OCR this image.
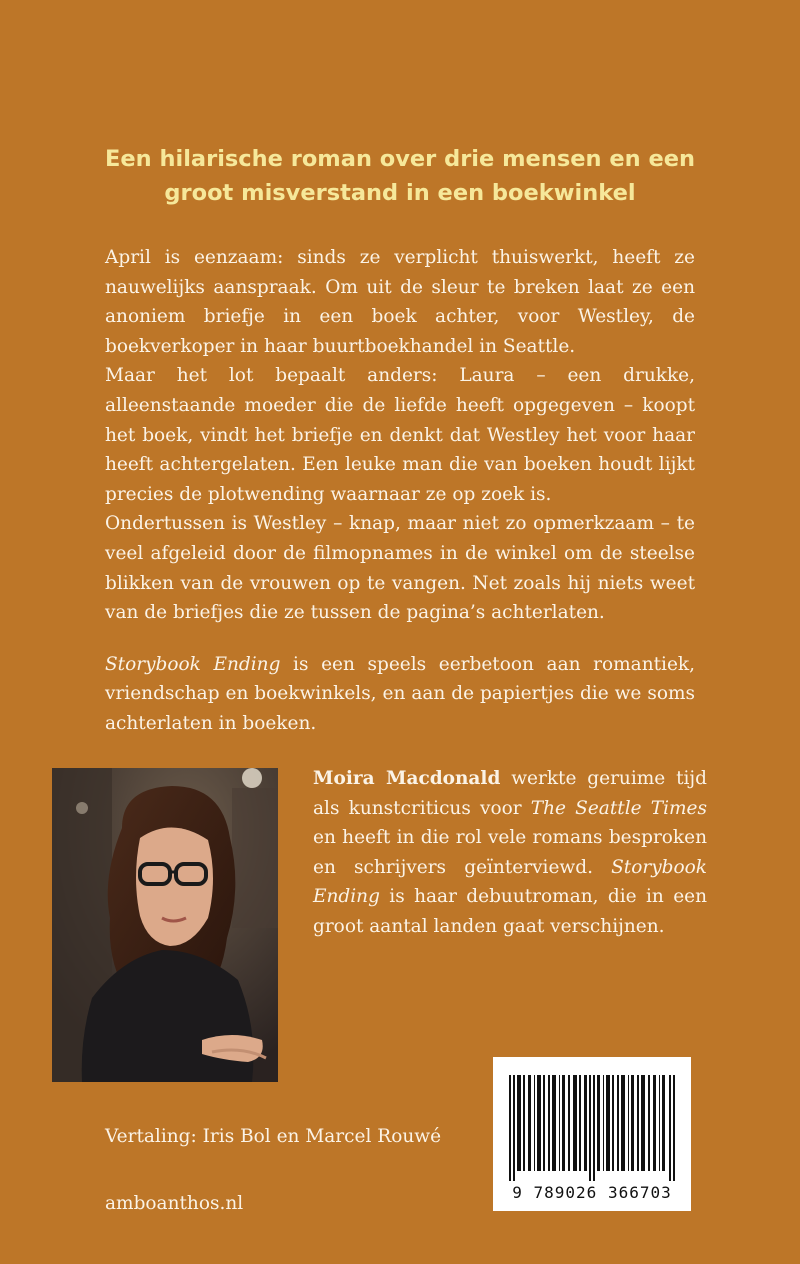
Een hilarische roman over drie mensen en een
groot misverstand in een boekwinkel

April is eenzaam: sinds ze verplicht thuiswerkt, heeft ze nauwelijks aanspraak. Om uit de sleur te breken laat ze een anoniem briefje in een boek achter, voor Westley, de boekverkoper in haar buurtboekhandel in Seattle.

Maar het lot bepaalt anders: Laura – een drukke, alleenstaande moeder die de liefde heeft opgegeven – koopt het boek, vindt het briefje en denkt dat Westley het voor haar heeft achtergelaten. Een leuke man die van boeken houdt lijkt precies de plotwending waarnaar ze op zoek is.

Ondertussen is Westley – knap, maar niet zo opmerkzaam – te veel afgeleid door de filmopnames in de winkel om de steelse blikken van de vrouwen op te vangen. Net zoals hij niets weet van de briefjes die ze tussen de pagina’s achterlaten.

Storybook Ending is een speels eerbetoon aan romantiek, vriendschap en boekwinkels, en aan de papiertjes die we soms achterlaten in boeken.

Moira Macdonald werkte geruime tijd als kunstcriticus voor The Seattle Times en heeft in die rol vele romans besproken en schrijvers geïnterviewd. Storybook Ending is haar debuutroman, die in een groot aantal landen gaat verschijnen.

Vertaling: Iris Bol en Marcel Rouwé

amboanthos.nl

9 789026 366703
